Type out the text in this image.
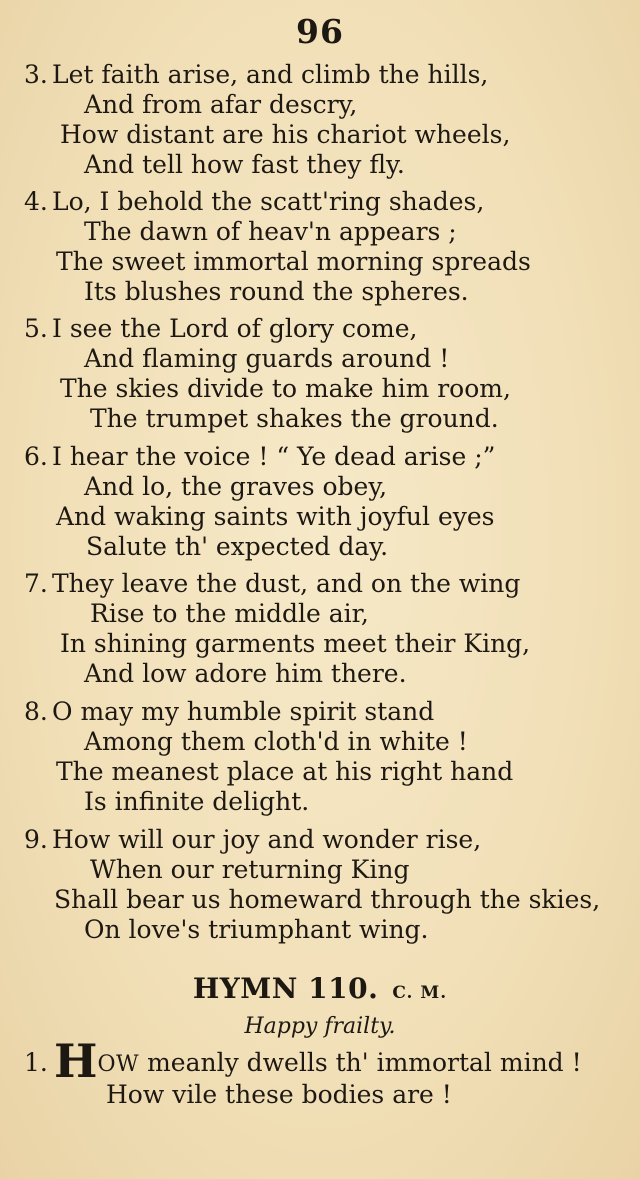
96
3. Let faith arise, and climb the hills,
And from afar descry,
How distant are his chariot wheels,
And tell how fast they fly.
4. Lo, I behold the scatt'ring shades,
The dawn of heav'n appears ;
The sweet immortal morning spreads
Its blushes round the spheres.
5. I see the Lord of glory come,
And flaming guards around !
The skies divide to make him room,
The trumpet shakes the ground.
6. I hear the voice ! “ Ye dead arise ;”
And lo, the graves obey,
And waking saints with joyful eyes
Salute th' expected day.
7. They leave the dust, and on the wing
Rise to the middle air,
In shining garments meet their King,
And low adore him there.
8. O may my humble spirit stand
Among them cloth'd in white !
The meanest place at his right hand
Is infinite delight.
9. How will our joy and wonder rise,
When our returning King
Shall bear us homeward through the skies,
On love's triumphant wing.
HYMN 110. C. M.
Happy frailty.
1. HOW meanly dwells th' immortal mind !
How vile these bodies are !
